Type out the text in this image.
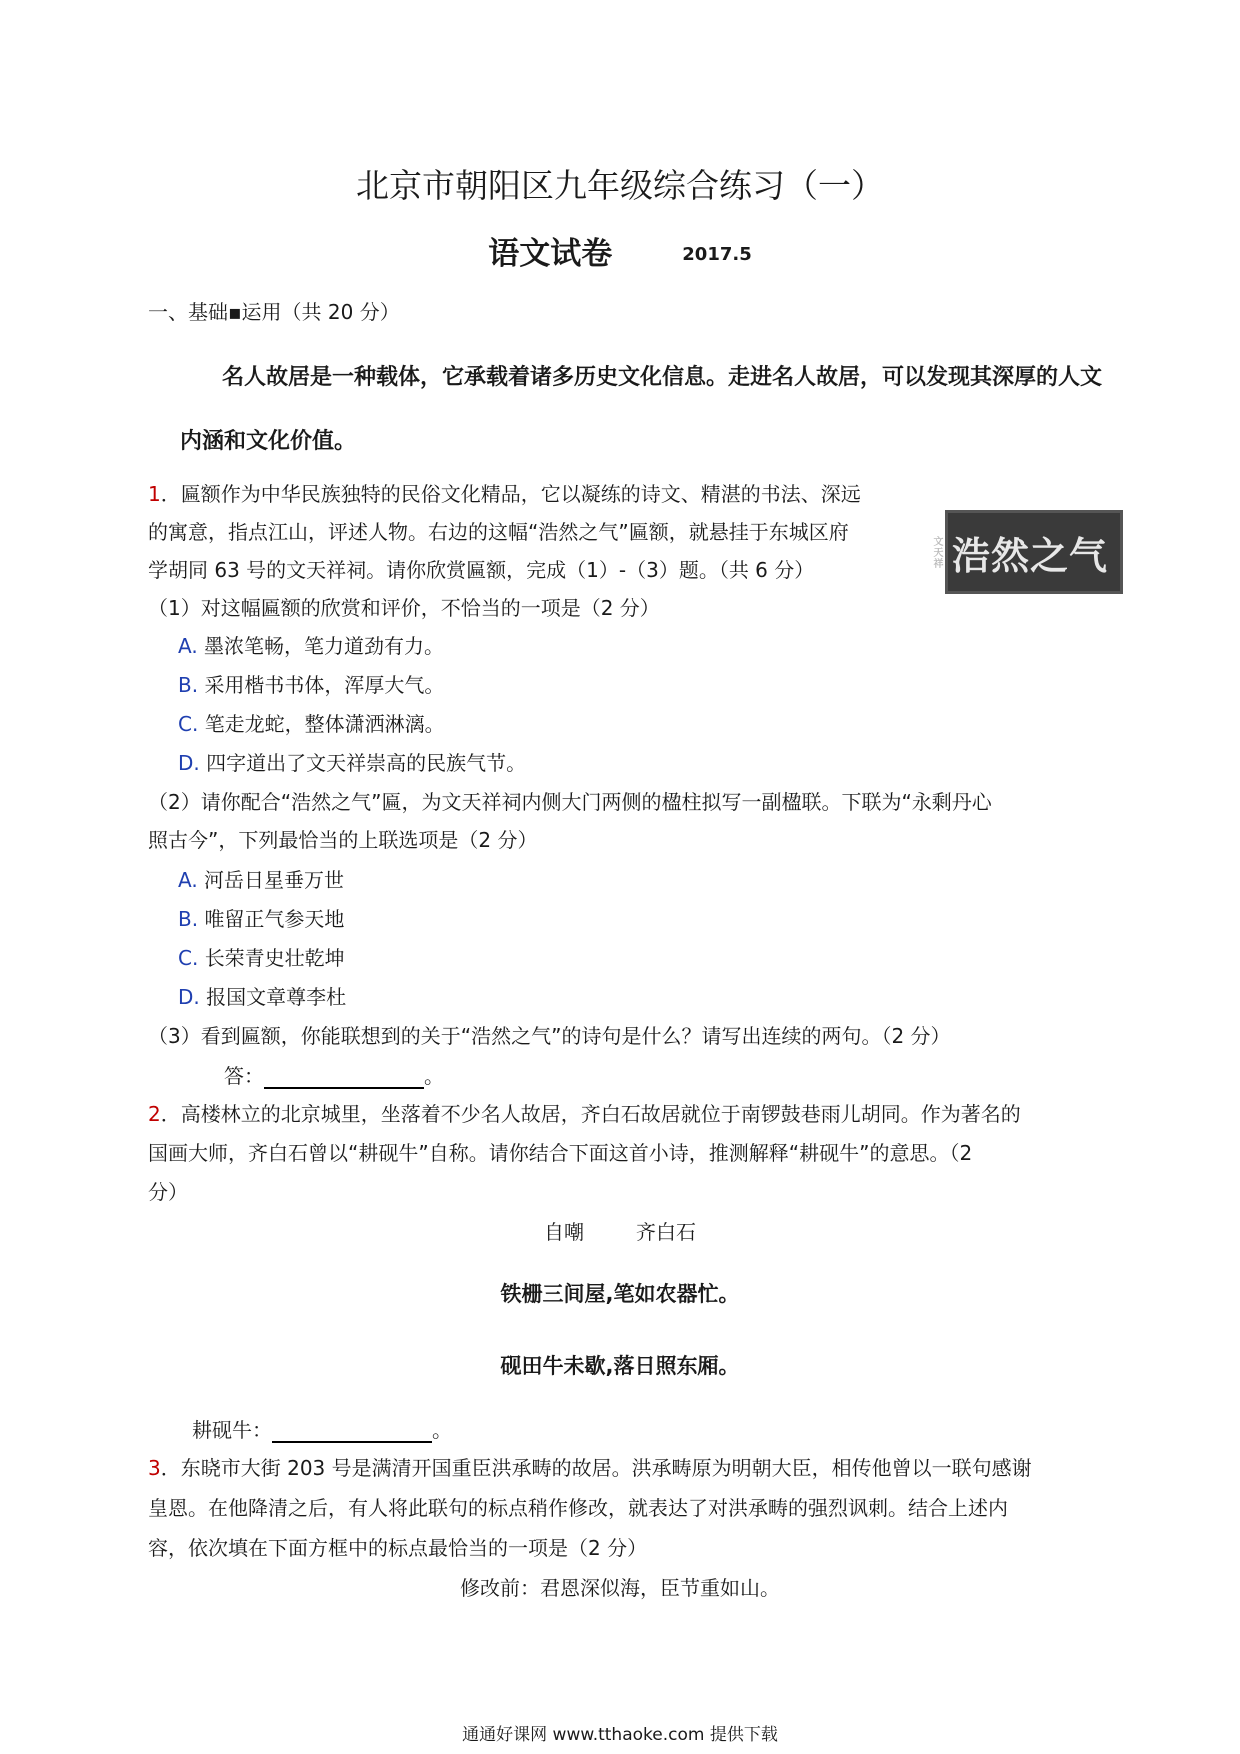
北京市朝阳区九年级综合练习（一）
语文试卷	2017.5
一、基础▪运用（共 20 分）
名人故居是一种载体，它承载着诸多历史文化信息。走进名人故居，可以发现其深厚的人文
内涵和文化价值。
1．匾额作为中华民族独特的民俗文化精品，它以凝练的诗文、精湛的书法、深远
的寓意，指点江山，评述人物。右边的这幅“浩然之气”匾额，就悬挂于东城区府
学胡同 63 号的文天祥祠。请你欣赏匾额，完成（1）-（3）题。（共 6 分）
文天祥 浩然之气
（1）对这幅匾额的欣赏和评价，不恰当的一项是（2 分）
A. 墨浓笔畅，笔力道劲有力。
B. 采用楷书书体，浑厚大气。
C. 笔走龙蛇，整体潇洒淋漓。
D. 四字道出了文天祥崇高的民族气节。
（2）请你配合“浩然之气”匾，为文天祥祠内侧大门两侧的楹柱拟写一副楹联。下联为“永剩丹心
照古今”，下列最恰当的上联选项是（2 分）
A. 河岳日星垂万世
B. 唯留正气参天地
C. 长荣青史壮乾坤
D. 报国文章尊李杜
（3）看到匾额，你能联想到的关于“浩然之气”的诗句是什么？请写出连续的两句。（2 分）
答：	。
2．高楼林立的北京城里，坐落着不少名人故居，齐白石故居就位于南锣鼓巷雨儿胡同。作为著名的
国画大师，齐白石曾以“耕砚牛”自称。请你结合下面这首小诗，推测解释“耕砚牛”的意思。（2
分）
自嘲	齐白石
铁栅三间屋,笔如农器忙。
砚田牛未歇,落日照东厢。
耕砚牛：	。
3．东晓市大街 203 号是满清开国重臣洪承畴的故居。洪承畴原为明朝大臣，相传他曾以一联句感谢
皇恩。在他降清之后，有人将此联句的标点稍作修改，就表达了对洪承畴的强烈讽刺。结合上述内
容，依次填在下面方框中的标点最恰当的一项是（2 分）
修改前：君恩深似海，臣节重如山。
通通好课网 www.tthaoke.com 提供下载
